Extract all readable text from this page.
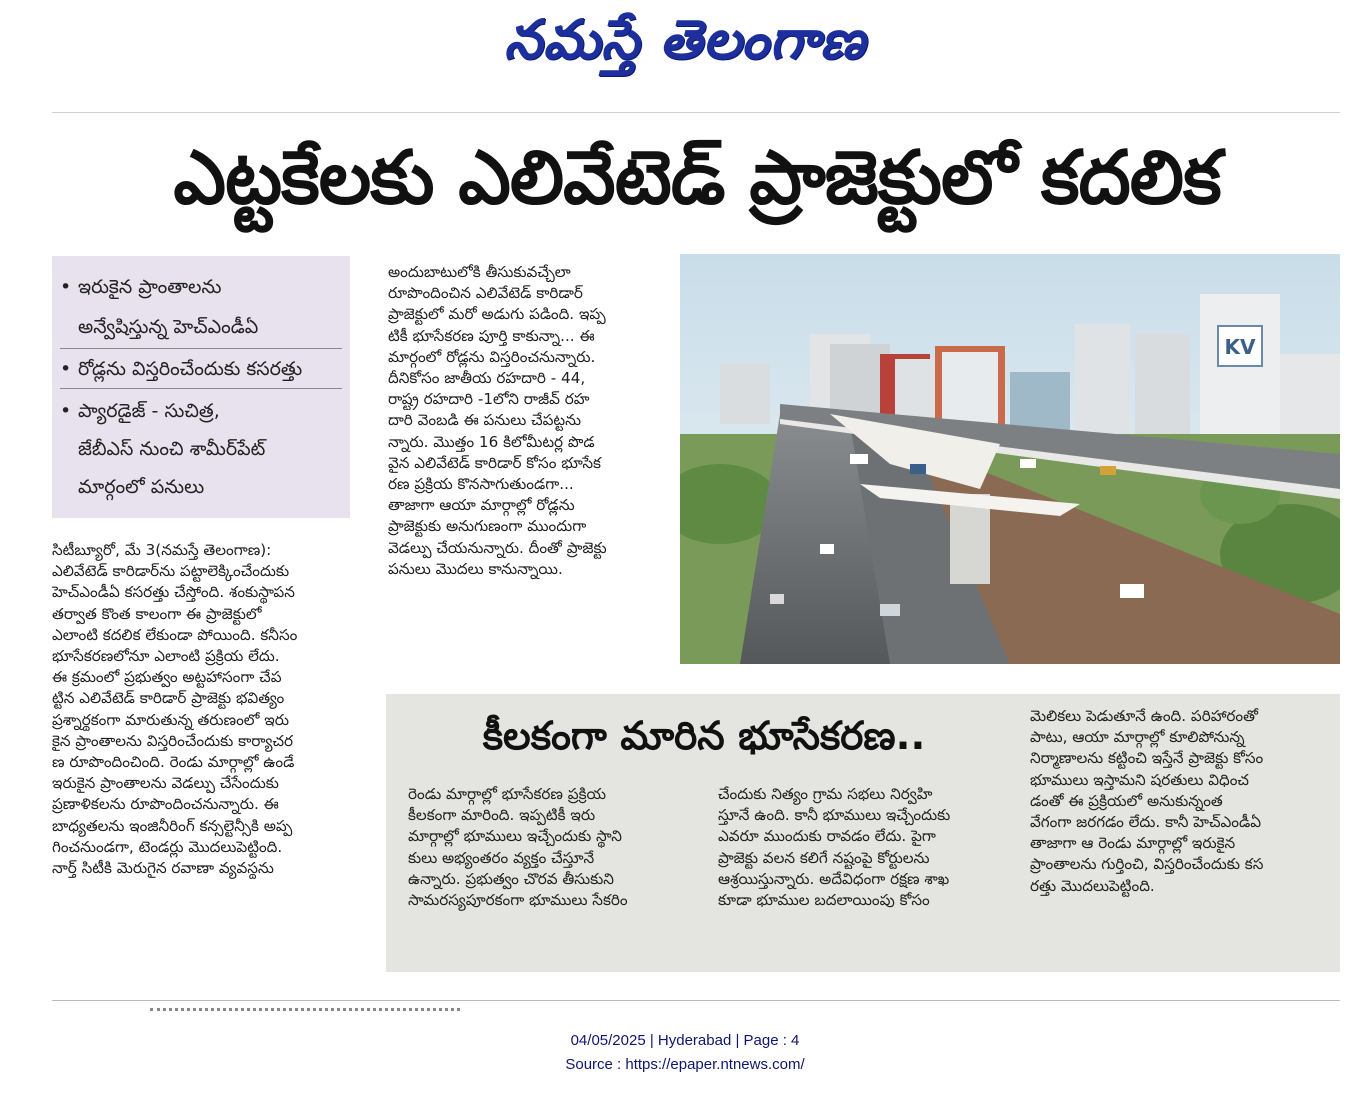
నమస్తే తెలంగాణ
ఎట్టకేలకు ఎలివేటెడ్ ప్రాజెక్టులో కదలిక
• ఇరుకైన ప్రాంతాలను
అన్వేషిస్తున్న హెచ్ఎండీఏ
• రోడ్లను విస్తరించేందుకు కసరత్తు
• ప్యారడైజ్ - సుచిత్ర,
జేబీఎస్ నుంచి శామీర్‌పేట్
మార్గంలో పనులు

సిటీబ్యూరో, మే 3(నమస్తే తెలంగాణ):

ఎలివేటెడ్ కారిడార్‌ను పట్టాలెక్కించేందుకు

హెచ్ఎండీఏ కసరత్తు చేస్తోంది. శంకుస్థాపన

తర్వాత కొంత కాలంగా ఈ ప్రాజెక్టులో

ఎలాంటి కదలిక లేకుండా పోయింది. కనీసం

భూసేకరణలోనూ ఎలాంటి ప్రక్రియ లేదు.

ఈ క్రమంలో ప్రభుత్వం అట్టహాసంగా చేప

ట్టిన ఎలివేటెడ్ కారిడార్ ప్రాజెక్టు భవిత్యం

ప్రశ్నార్థకంగా మారుతున్న తరుణంలో ఇరు

కైన ప్రాంతాలను విస్తరించేందుకు కార్యాచర

ణ రూపొందించింది. రెండు మార్గాల్లో ఉండే

ఇరుకైన ప్రాంతాలను వెడల్పు చేసేందుకు

ప్రణాళికలను రూపొందించనున్నారు. ఈ

బాధ్యతలను ఇంజినీరింగ్ కన్సల్టెన్సీకి అప్ప

గించనుండగా, టెండర్లు మొదలుపెట్టింది.

నార్త్ సిటీకి మెరుగైన రవాణా వ్యవస్థను

అందుబాటులోకి తీసుకువచ్చేలా

రూపొందించిన ఎలివేటెడ్ కారిడార్

ప్రాజెక్టులో మరో అడుగు పడింది. ఇప్ప

టికీ భూసేకరణ పూర్తి కాకున్నా... ఈ

మార్గంలో రోడ్లను విస్తరించనున్నారు.

దీనికోసం జాతీయ రహదారి - 44,

రాష్ట్ర రహదారి -1లోని రాజీవ్ రహ

దారి వెంబడి ఈ పనులు చేపట్టను

న్నారు. మొత్తం 16 కిలోమీటర్ల పొడ

వైన ఎలివేటెడ్ కారిడార్ కోసం భూసేక

రణ ప్రక్రియ కొనసాగుతుండగా...

తాజాగా ఆయా మార్గాల్లో రోడ్లను

ప్రాజెక్టుకు అనుగుణంగా ముందుగా

వెడల్పు చేయనున్నారు. దీంతో ప్రాజెక్టు

పనులు మొదలు కానున్నాయి.

KV
కీలకంగా మారిన భూసేకరణ..

రెండు మార్గాల్లో భూసేకరణ ప్రక్రియ

కీలకంగా మారింది. ఇప్పటికీ ఇరు

మార్గాల్లో భూములు ఇచ్చేందుకు స్థాని

కులు అభ్యంతరం వ్యక్తం చేస్తూనే

ఉన్నారు. ప్రభుత్వం చొరవ తీసుకుని

సామరస్యపూరకంగా భూములు సేకరిం

చేందుకు నిత్యం గ్రామ సభలు నిర్వహి

స్తూనే ఉంది. కానీ భూములు ఇచ్చేందుకు

ఎవరూ ముందుకు రావడం లేదు. పైగా

ప్రాజెక్టు వలన కలిగే నష్టంపై కోర్టులను

ఆశ్రయిస్తున్నారు. అదేవిధంగా రక్షణ శాఖ

కూడా భూముల బదలాయింపు కోసం

మెలికలు పెడుతూనే ఉంది. పరిహారంతో

పాటు, ఆయా మార్గాల్లో కూలిపోనున్న

నిర్మాణాలను కట్టించి ఇస్తేనే ప్రాజెక్టు కోసం

భూములు ఇస్తామని షరతులు విధించ

డంతో ఈ ప్రక్రియలో అనుకున్నంత

వేగంగా జరగడం లేదు. కానీ హెచ్ఎండీఏ

తాజాగా ఆ రెండు మార్గాల్లో ఇరుకైన

ప్రాంతాలను గుర్తించి, విస్తరించేందుకు కస

రత్తు మొదలుపెట్టింది.

04/05/2025 | Hyderabad | Page : 4
Source : https://epaper.ntnews.com/
